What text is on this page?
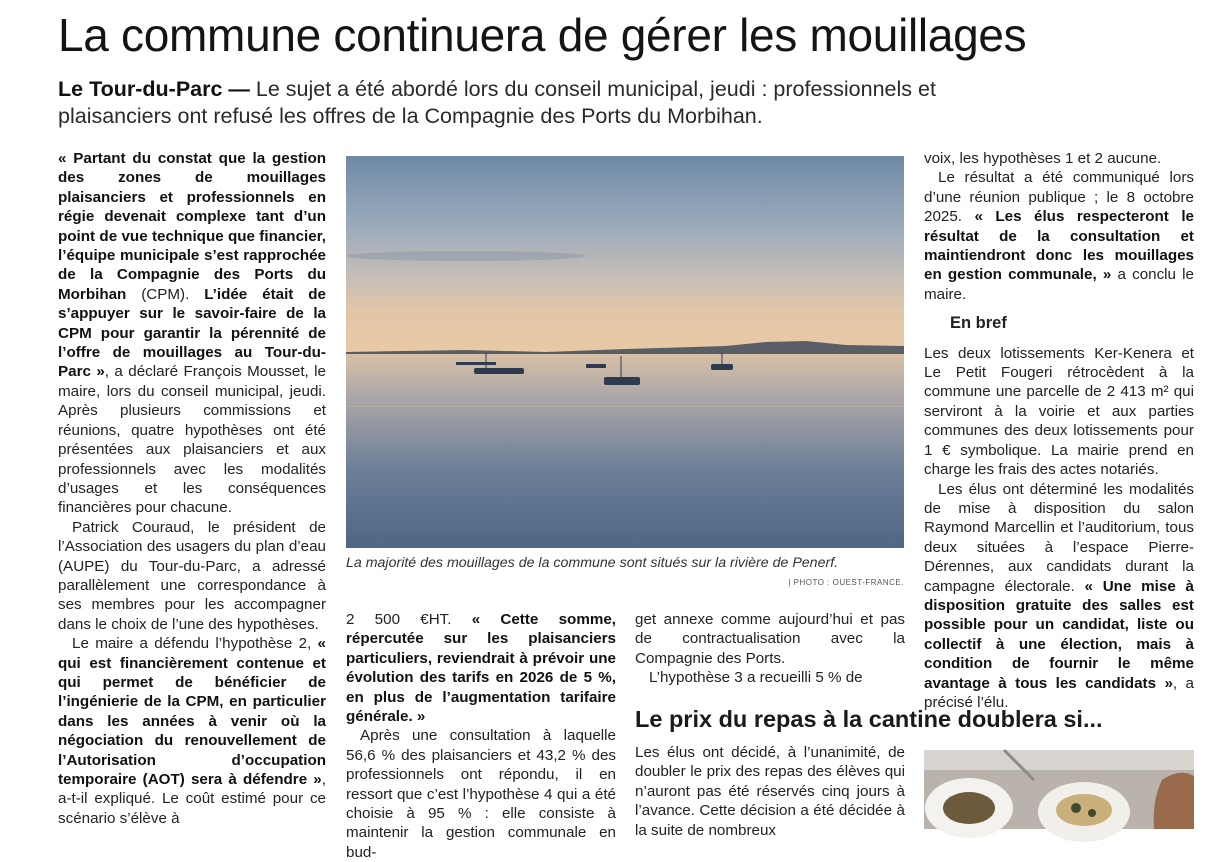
La commune continuera de gérer les mouillages
Le Tour-du-Parc — Le sujet a été abordé lors du conseil municipal, jeudi : professionnels et plaisanciers ont refusé les offres de la Compagnie des Ports du Morbihan.

« Partant du constat que la gestion des zones de mouillages plaisanciers et professionnels en régie devenait complexe tant d’un point de vue technique que financier, l’équipe municipale s’est rapprochée de la Compagnie des Ports du Morbihan (CPM). L’idée était de s’appuyer sur le savoir-faire de la CPM pour garantir la pérennité de l’offre de mouillages au Tour-du-Parc », a déclaré François Mousset, le maire, lors du conseil municipal, jeudi. Après plusieurs commissions et réunions, quatre hypothèses ont été présentées aux plaisanciers et aux professionnels avec les modalités d’usages et les conséquences financières pour chacune.

Patrick Couraud, le président de l’Association des usagers du plan d’eau (AUPE) du Tour-du-Parc, a adressé parallèlement une correspondance à ses membres pour les accompagner dans le choix de l’une des hypothèses.

Le maire a défendu l’hypothèse 2, « qui est financièrement contenue et qui permet de bénéficier de l’ingénierie de la CPM, en particulier dans les années à venir où la négociation du renouvellement de l’Autorisation d’occupation temporaire (AOT) sera à défendre », a-t-il expliqué. Le coût estimé pour ce scénario s’élève à

La majorité des mouillages de la commune sont situés sur la rivière de Penerf.
| PHOTO : OUEST-FRANCE.

2 500 €HT. « Cette somme, répercutée sur les plaisanciers particuliers, reviendrait à prévoir une évolution des tarifs en 2026 de 5 %, en plus de l’augmentation tarifaire générale. »

Après une consultation à laquelle 56,6 % des plaisanciers et 43,2 % des professionnels ont répondu, il en ressort que c’est l’hypothèse 4 qui a été choisie à 95 % : elle consiste à maintenir la gestion communale en bud-

get annexe comme aujourd’hui et pas de contractualisation avec la Compagnie des Ports.

L’hypothèse 3 a recueilli 5 % de

voix, les hypothèses 1 et 2 aucune.

Le résultat a été communiqué lors d’une réunion publique ; le 8 octobre 2025. « Les élus respecteront le résultat de la consultation et maintiendront donc les mouillages en gestion communale, » a conclu le maire.

En bref

Les deux lotissements Ker-Kenera et Le Petit Fougeri rétrocèdent à la commune une parcelle de 2 413 m² qui serviront à la voirie et aux parties communes des deux lotissements pour 1 € symbolique. La mairie prend en charge les frais des actes notariés.

Les élus ont déterminé les modalités de mise à disposition du salon Raymond Marcellin et l’auditorium, tous deux situées à l’espace Pierre-Dérennes, aux candidats durant la campagne électorale. « Une mise à disposition gratuite des salles est possible pour un candidat, liste ou collectif à une élection, mais à condition de fournir le même avantage à tous les candidats », a précisé l’élu.

Le prix du repas à la cantine doublera si...

Les élus ont décidé, à l’unanimité, de doubler le prix des repas des élèves qui n’auront pas été réservés cinq jours à l’avance. Cette décision a été décidée à la suite de nombreux
